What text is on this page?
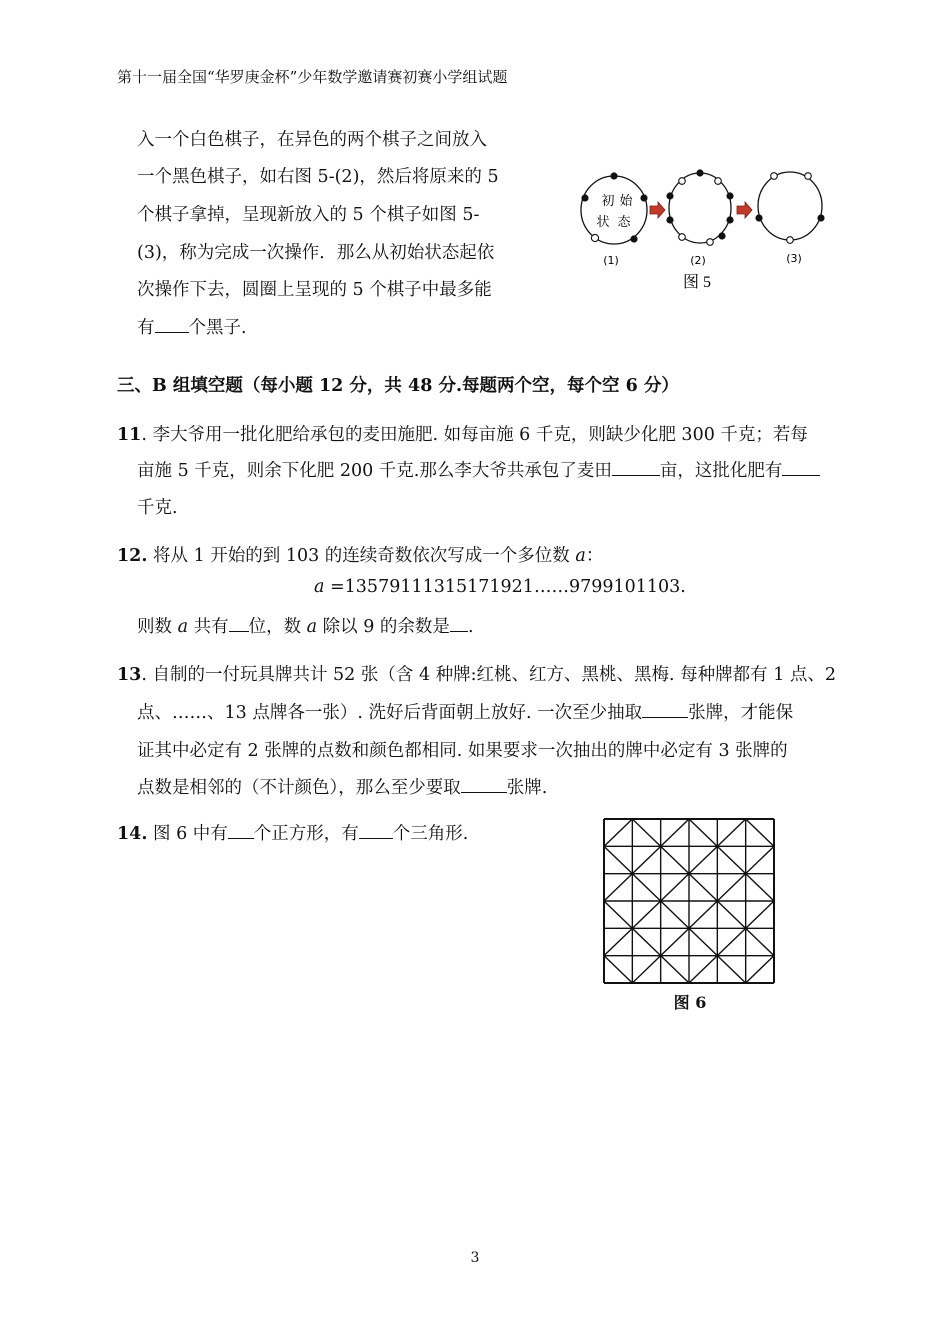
第十一届全国“华罗庚金杯”少年数学邀请赛初赛小学组试题
入一个白色棋子，在异色的两个棋子之间放入
一个黑色棋子，如右图 5-(2)，然后将原来的 5
个棋子拿掉，呈现新放入的 5 个棋子如图 5-
(3)，称为完成一次操作．那么从初始状态起依
次操作下去，圆圈上呈现的 5 个棋子中最多能
有 个黑子.
初 始
状 态
(1)	(2)	(3)
图 5
三、B 组填空题（每小题 12 分，共 48 分.每题两个空，每个空 6 分）
11. 李大爷用一批化肥给承包的麦田施肥. 如每亩施 6 千克，则缺少化肥 300 千克；若每
亩施 5 千克，则余下化肥 200 千克.那么李大爷共承包了麦田	亩，这批化肥有
千克.
12. 将从 1 开始的到 103 的连续奇数依次写成一个多位数 a：
a =13579111315171921……9799101103.
则数 a 共有 位，数 a 除以 9 的余数是 .
13. 自制的一付玩具牌共计 52 张（含 4 种牌:红桃、红方、黑桃、黑梅. 每种牌都有 1 点、2
点、……、13 点牌各一张）. 洗好后背面朝上放好. 一次至少抽取	张牌，才能保
证其中必定有 2 张牌的点数和颜色都相同. 如果要求一次抽出的牌中必定有 3 张牌的
点数是相邻的（不计颜色），那么至少要取	张牌.
14. 图 6 中有 个正方形，有 个三角形.
图 6
3
